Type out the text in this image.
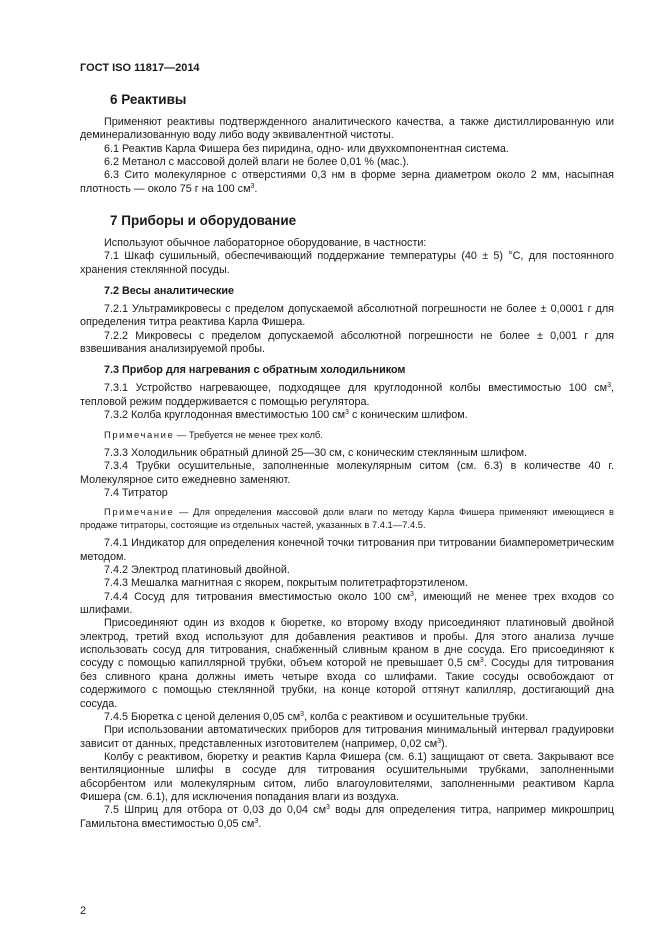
ГОСТ ISO 11817—2014
6 Реактивы

Применяют реактивы подтвержденного аналитического качества, а также дистиллированную или деминерализованную воду либо воду эквивалентной чистоты.

6.1 Реактив Карла Фишера без пиридина, одно- или двухкомпонентная система.

6.2 Метанол с массовой долей влаги не более 0,01 % (мас.).

6.3 Сито молекулярное с отверстиями 0,3 нм в форме зерна диаметром около 2 мм, насыпная плотность — около 75 г на 100 $см^3$.

7 Приборы и оборудование

Используют обычное лабораторное оборудование, в частности:

7.1 Шкаф сушильный, обеспечивающий поддержание температуры (40 ± 5) °С, для постоянного хранения стеклянной посуды.

7.2 Весы аналитические

7.2.1 Ультрамикровесы с пределом допускаемой абсолютной погрешности не более ± 0,0001 г для определения титра реактива Карла Фишера.

7.2.2 Микровесы с пределом допускаемой абсолютной погрешности не более ± 0,001 г для взвешивания анализируемой пробы.

7.3 Прибор для нагревания с обратным холодильником

7.3.1 Устройство нагревающее, подходящее для круглодонной колбы вместимостью 100 $см^3$, тепловой режим поддерживается с помощью регулятора.

7.3.2 Колба круглодонная вместимостью 100 $см^3$ с коническим шлифом.

Примечание — Требуется не менее трех колб.

7.3.3 Холодильник обратный длиной 25—30 см, с коническим стеклянным шлифом.

7.3.4 Трубки осушительные, заполненные молекулярным ситом (см. 6.3) в количестве 40 г. Молекулярное сито ежедневно заменяют.

7.4 Титратор

Примечание — Для определения массовой доли влаги по методу Карла Фишера применяют имеющиеся в продаже титраторы, состоящие из отдельных частей, указанных в 7.4.1—7.4.5.

7.4.1 Индикатор для определения конечной точки титрования при титровании биамперометрическим методом.

7.4.2 Электрод платиновый двойной.

7.4.3 Мешалка магнитная с якорем, покрытым политетрафторэтиленом.

7.4.4 Сосуд для титрования вместимостью около 100 $см^3$, имеющий не менее трех входов со шлифами.

Присоединяют один из входов к бюретке, ко второму входу присоединяют платиновый двойной электрод, третий вход используют для добавления реактивов и пробы. Для этого анализа лучше использовать сосуд для титрования, снабженный сливным краном в дне сосуда. Его присоединяют к сосуду с помощью капиллярной трубки, объем которой не превышает 0,5 $см^3$. Сосуды для титрования без сливного крана должны иметь четыре входа со шлифами. Такие сосуды освобождают от содержимого с помощью стеклянной трубки, на конце которой оттянут капилляр, достигающий дна сосуда.

7.4.5 Бюретка с ценой деления 0,05 $см^3$, колба с реактивом и осушительные трубки.

При использовании автоматических приборов для титрования минимальный интервал градуировки зависит от данных, представленных изготовителем (например, 0,02 $см^3$).

Колбу с реактивом, бюретку и реактив Карла Фишера (см. 6.1) защищают от света. Закрывают все вентиляционные шлифы в сосуде для титрования осушительными трубками, заполненными абсорбентом или молекулярным ситом, либо влагоуловителями, заполненными реактивом Карла Фишера (см. 6.1), для исключения попадания влаги из воздуха.

7.5 Шприц для отбора от 0,03 до 0,04 $см^3$ воды для определения титра, например микрошприц Гамильтона вместимостью 0,05 $см^3$.

2
